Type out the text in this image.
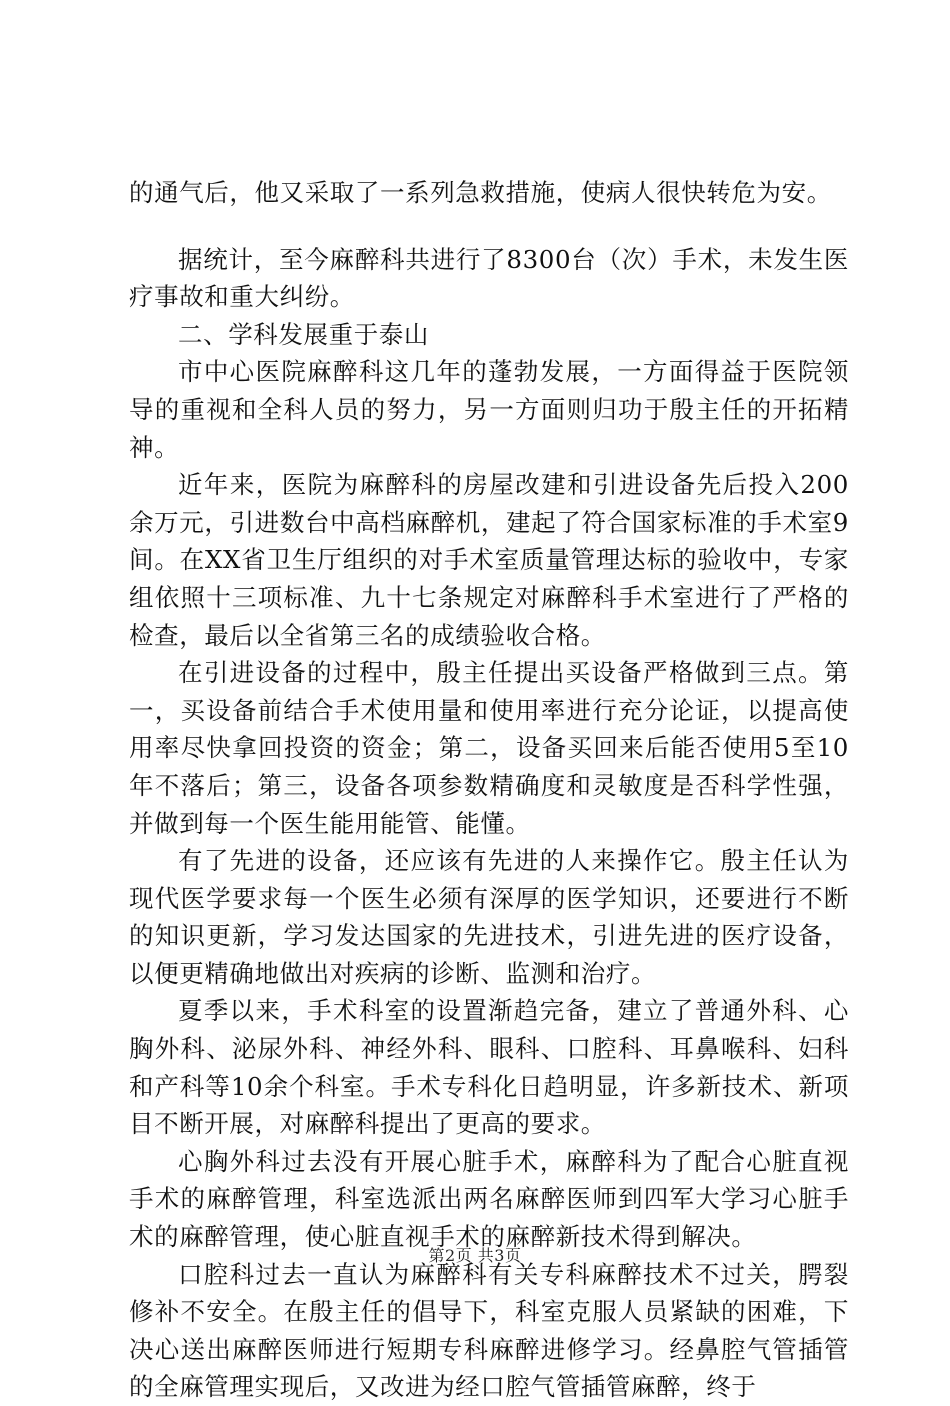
的通气后，他又采取了一系列急救措施，使病人很快转危为安。

据统计，至今麻醉科共进行了8300台（次）手术，未发生医疗事故和重大纠纷。

二、学科发展重于泰山

市中心医院麻醉科这几年的蓬勃发展，一方面得益于医院领导的重视和全科人员的努力，另一方面则归功于殷主任的开拓精神。

近年来，医院为麻醉科的房屋改建和引进设备先后投入200余万元，引进数台中高档麻醉机，建起了符合国家标准的手术室9间。在XX省卫生厅组织的对手术室质量管理达标的验收中，专家组依照十三项标准、九十七条规定对麻醉科手术室进行了严格的检查，最后以全省第三名的成绩验收合格。

在引进设备的过程中，殷主任提出买设备严格做到三点。第一，买设备前结合手术使用量和使用率进行充分论证，以提高使用率尽快拿回投资的资金；第二，设备买回来后能否使用5至10年不落后；第三，设备各项参数精确度和灵敏度是否科学性强，并做到每一个医生能用能管、能懂。

有了先进的设备，还应该有先进的人来操作它。殷主任认为现代医学要求每一个医生必须有深厚的医学知识，还要进行不断的知识更新，学习发达国家的先进技术，引进先进的医疗设备，以便更精确地做出对疾病的诊断、监测和治疗。

夏季以来，手术科室的设置渐趋完备，建立了普通外科、心胸外科、泌尿外科、神经外科、眼科、口腔科、耳鼻喉科、妇科和产科等10余个科室。手术专科化日趋明显，许多新技术、新项目不断开展，对麻醉科提出了更高的要求。

心胸外科过去没有开展心脏手术，麻醉科为了配合心脏直视手术的麻醉管理，科室选派出两名麻醉医师到四军大学习心脏手术的麻醉管理，使心脏直视手术的麻醉新技术得到解决。

口腔科过去一直认为麻醉科有关专科麻醉技术不过关，腭裂修补不安全。在殷主任的倡导下，科室克服人员紧缺的困难，下决心送出麻醉医师进行短期专科麻醉进修学习。经鼻腔气管插管的全麻管理实现后，又改进为经口腔气管插管麻醉，终于

第2页 共3页
